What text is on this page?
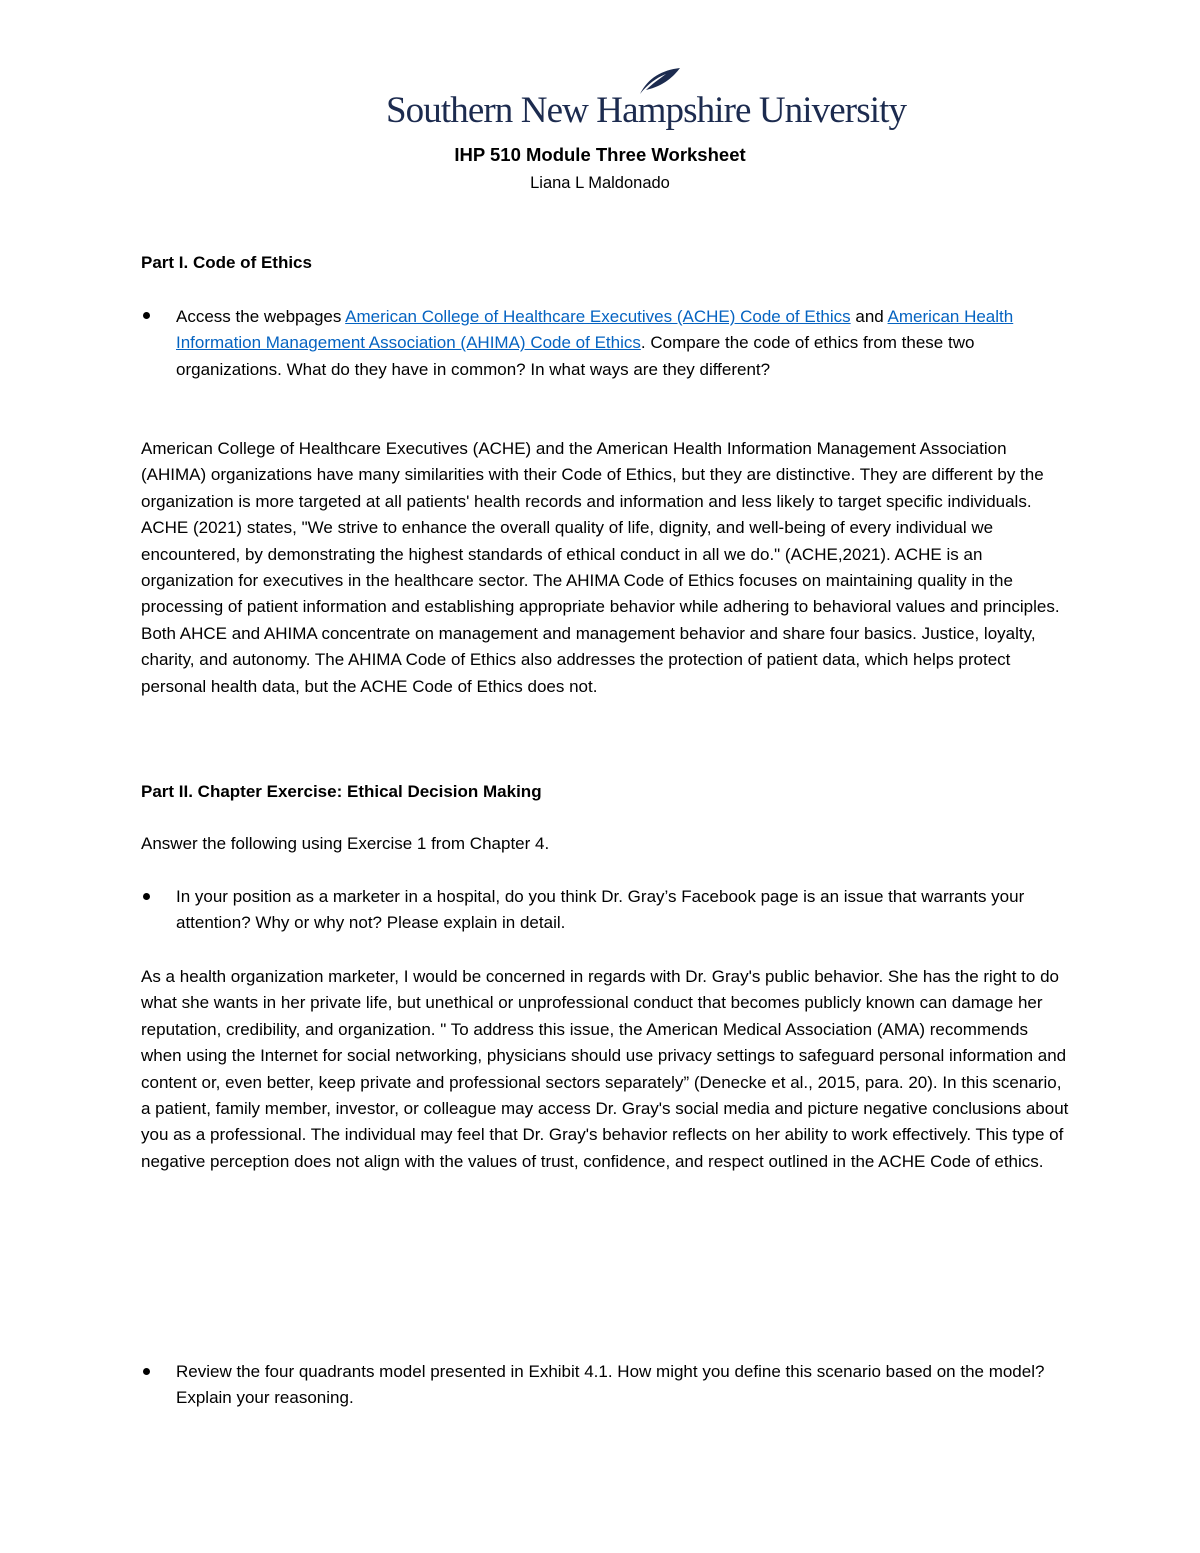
Southern New Hampshire University
IHP 510 Module Three Worksheet
Liana L Maldonado
Part I. Code of Ethics
Access the webpages American College of Healthcare Executives (ACHE) Code of Ethics and American Health Information Management Association (AHIMA) Code of Ethics. Compare the code of ethics from these two organizations. What do they have in common? In what ways are they different?
American College of Healthcare Executives (ACHE) and the American Health Information Management Association (AHIMA) organizations have many similarities with their Code of Ethics, but they are distinctive. They are different by the organization is more targeted at all patients' health records and information and less likely to target specific individuals. ACHE (2021) states, "We strive to enhance the overall quality of life, dignity, and well-being of every individual we encountered, by demonstrating the highest standards of ethical conduct in all we do." (ACHE,2021). ACHE is an organization for executives in the healthcare sector. The AHIMA Code of Ethics focuses on maintaining quality in the processing of patient information and establishing appropriate behavior while adhering to behavioral values and principles. Both AHCE and AHIMA concentrate on management and management behavior and share four basics. Justice, loyalty, charity, and autonomy. The AHIMA Code of Ethics also addresses the protection of patient data, which helps protect personal health data, but the ACHE Code of Ethics does not.
Part II. Chapter Exercise: Ethical Decision Making
Answer the following using Exercise 1 from Chapter 4.
In your position as a marketer in a hospital, do you think Dr. Gray’s Facebook page is an issue that warrants your attention? Why or why not? Please explain in detail.
As a health organization marketer, I would be concerned in regards with Dr. Gray's public behavior. She has the right to do what she wants in her private life, but unethical or unprofessional conduct that becomes publicly known can damage her reputation, credibility, and organization. " To address this issue, the American Medical Association (AMA) recommends when using the Internet for social networking, physicians should use privacy settings to safeguard personal information and content or, even better, keep private and professional sectors separately” (Denecke et al., 2015, para. 20). In this scenario, a patient, family member, investor, or colleague may access Dr. Gray's social media and picture negative conclusions about you as a professional. The individual may feel that Dr. Gray's behavior reflects on her ability to work effectively. This type of negative perception does not align with the values of trust, confidence, and respect outlined in the ACHE Code of ethics.
Review the four quadrants model presented in Exhibit 4.1. How might you define this scenario based on the model? Explain your reasoning.
